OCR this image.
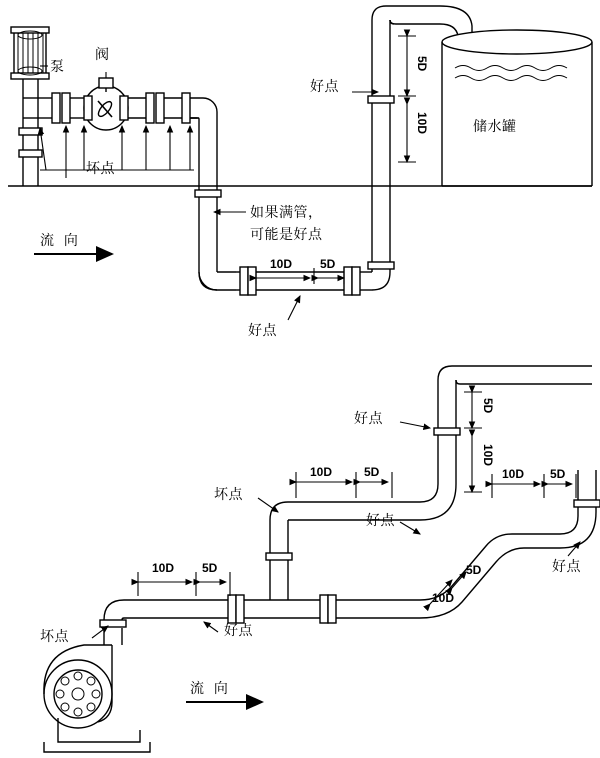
泵
阀
坏点
好点
如果满管，
可能是好点
好点
储水罐
流 向
5D
10D
10D 5D
好点
坏点
好点
好点
好点
坏点
流 向
5D
10D
10D	5D	10D 5D
5D
10D
10D 5D
